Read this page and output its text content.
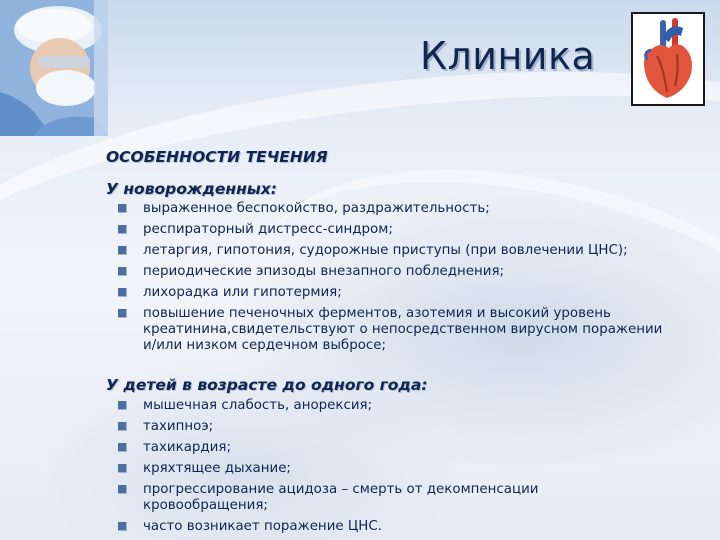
Клиника
ОСОБЕННОСТИ ТЕЧЕНИЯ
У новорожденных:
выраженное беспокойство, раздражительность;
респираторный дистресс-синдром;
летаргия, гипотония, судорожные приступы (при вовлечении ЦНС);
периодические эпизоды внезапного побледнения;
лихорадка или гипотермия;
повышение печеночных ферментов, азотемия и высокий уровень креатинина,свидетельствуют о непосредственном вирусном поражении и/или низком сердечном выбросе;
У детей в возрасте до одного года:
мышечная слабость, анорексия;
тахипноэ;
тахикардия;
кряхтящее дыхание;
прогрессирование ацидоза – смерть от декомпенсации кровообращения;
часто возникает поражение ЦНС.
